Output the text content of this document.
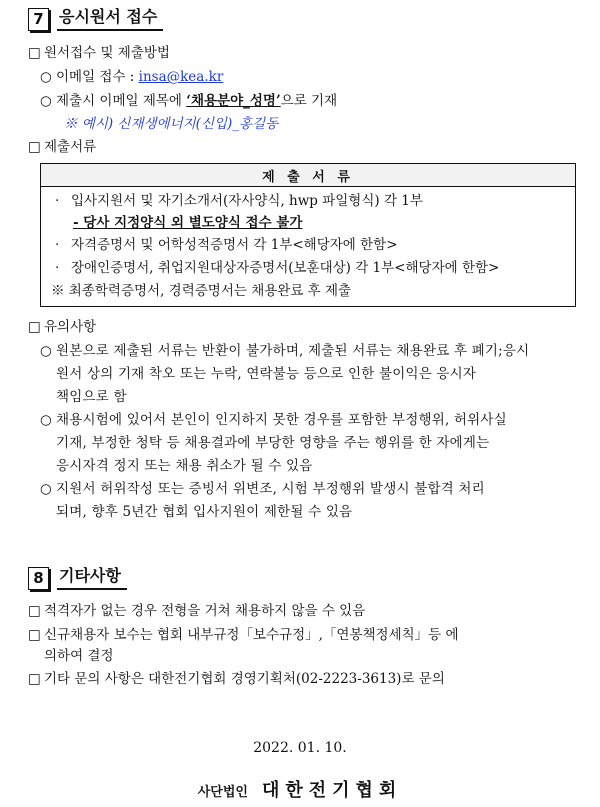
7 응시원서 접수
□ 원서접수 및 제출방법
○ 이메일 접수 : insa@kea.kr
○ 제출시 이메일 제목에 ‘채용분야_성명’으로 기재
※ 예시) 신재생에너지(신입)_홍길동
□ 제출서류
제 출 서 류
· 입사지원서 및 자기소개서(자사양식, hwp 파일형식) 각 1부
- 당사 지정양식 외 별도양식 접수 불가
· 자격증명서 및 어학성적증명서 각 1부<해당자에 한함>
· 장애인증명서, 취업지원대상자증명서(보훈대상) 각 1부<해당자에 한함>
※ 최종학력증명서, 경력증명서는 채용완료 후 제출
□ 유의사항
○ 원본으로 제출된 서류는 반환이 불가하며, 제출된 서류는 채용완료 후 폐기;응시
원서 상의 기재 착오 또는 누락, 연락불능 등으로 인한 불이익은 응시자
책임으로 함
○ 채용시험에 있어서 본인이 인지하지 못한 경우를 포함한 부정행위, 허위사실
기재, 부정한 청탁 등 채용결과에 부당한 영향을 주는 행위를 한 자에게는
응시자격 정지 또는 채용 취소가 될 수 있음
○ 지원서 허위작성 또는 증빙서 위변조, 시험 부정행위 발생시 불합격 처리
되며, 향후 5년간 협회 입사지원이 제한될 수 있음
8 기타사항
□ 적격자가 없는 경우 전형을 거쳐 채용하지 않을 수 있음
□ 신규채용자 보수는 협회 내부규정「보수규정」,「연봉책정세칙」등 에
의하여 결정
□ 기타 문의 사항은 대한전기협회 경영기획처(02-2223-3613)로 문의
2022. 01. 10.
사단법인 대한전기협회
